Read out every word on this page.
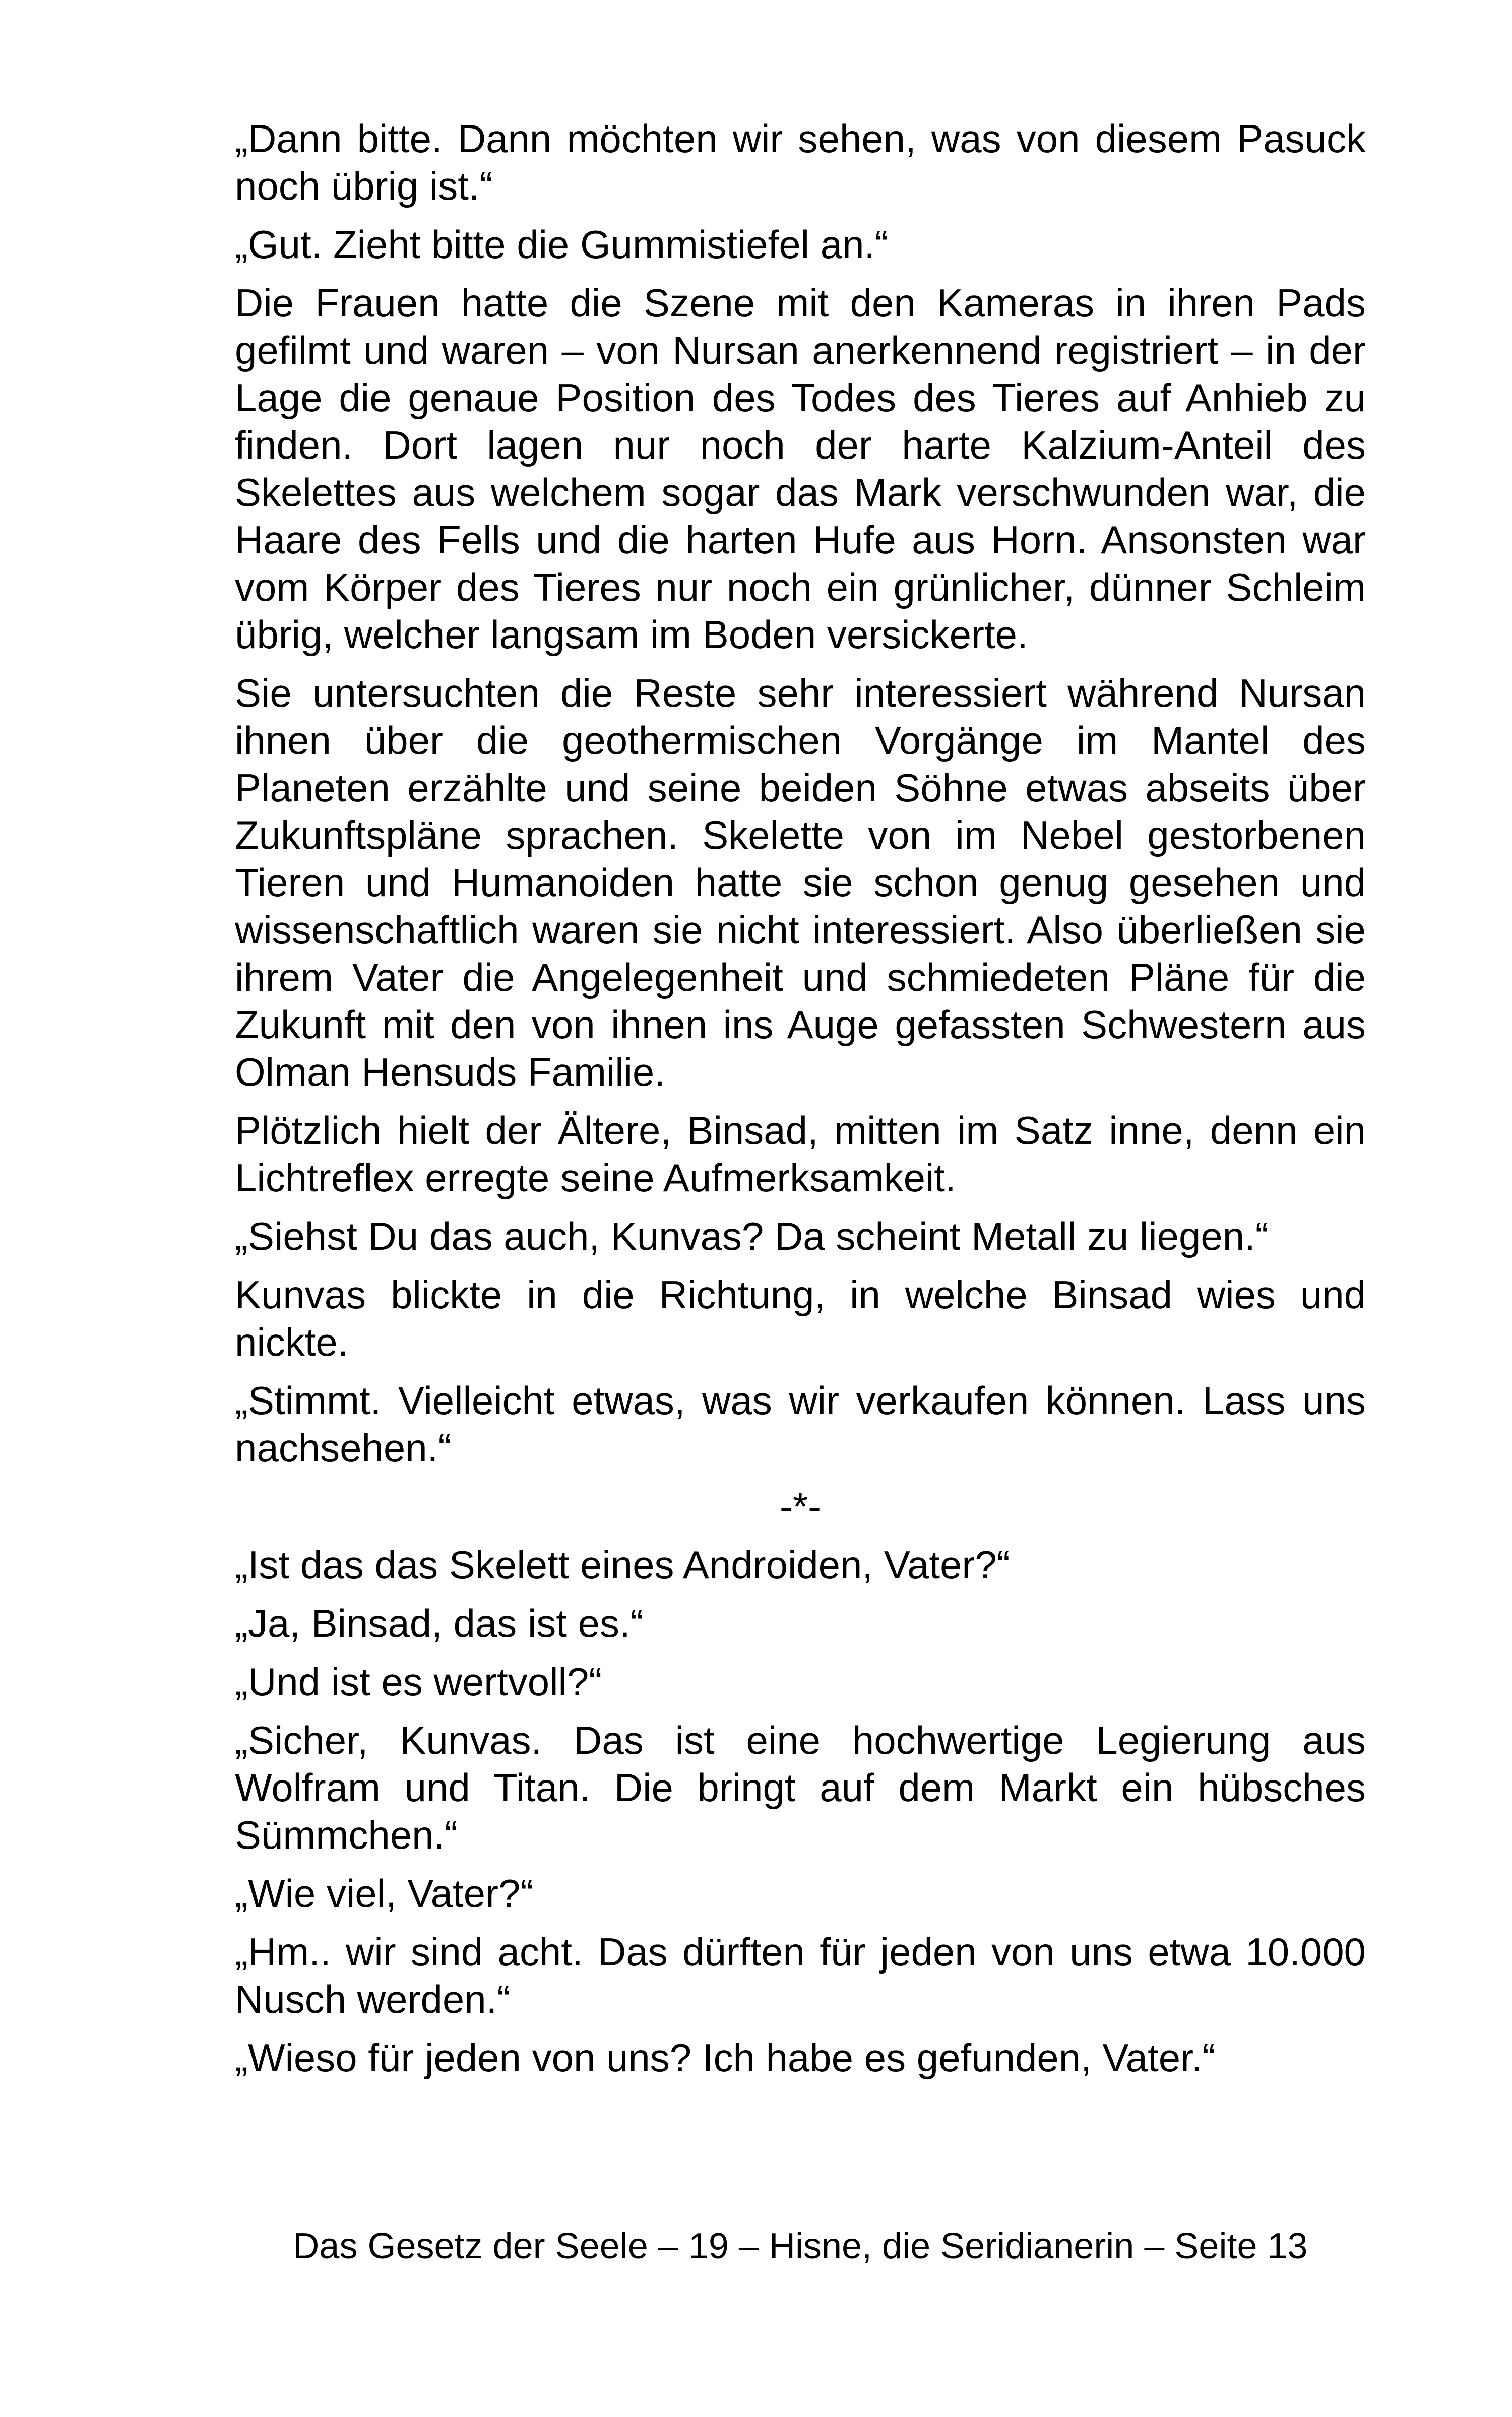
„Dann bitte. Dann möchten wir sehen, was von diesem Pasuck noch übrig ist.“

„Gut. Zieht bitte die Gummistiefel an.“

Die Frauen hatte die Szene mit den Kameras in ihren Pads gefilmt und waren – von Nursan anerkennend registriert – in der Lage die genaue Position des Todes des Tieres auf Anhieb zu finden. Dort lagen nur noch der harte Kalzium-Anteil des Skelettes aus welchem sogar das Mark verschwunden war, die Haare des Fells und die harten Hufe aus Horn. Ansonsten war vom Körper des Tieres nur noch ein grünlicher, dünner Schleim übrig, welcher langsam im Boden versickerte.

Sie untersuchten die Reste sehr interessiert während Nursan ihnen über die geothermischen Vorgänge im Mantel des Planeten erzählte und seine beiden Söhne etwas abseits über Zukunftspläne sprachen. Skelette von im Nebel gestorbenen Tieren und Humanoiden hatte sie schon genug gesehen und wissenschaftlich waren sie nicht interessiert. Also überließen sie ihrem Vater die Angelegenheit und schmiedeten Pläne für die Zukunft mit den von ihnen ins Auge gefassten Schwestern aus Olman Hensuds Familie.

Plötzlich hielt der Ältere, Binsad, mitten im Satz inne, denn ein Lichtreflex erregte seine Aufmerksamkeit.

„Siehst Du das auch, Kunvas? Da scheint Metall zu liegen.“

Kunvas blickte in die Richtung, in welche Binsad wies und nickte.

„Stimmt. Vielleicht etwas, was wir verkaufen können. Lass uns nachsehen.“

-*-

„Ist das das Skelett eines Androiden, Vater?“

„Ja, Binsad, das ist es.“

„Und ist es wertvoll?“

„Sicher, Kunvas. Das ist eine hochwertige Legierung aus Wolfram und Titan. Die bringt auf dem Markt ein hübsches Sümmchen.“

„Wie viel, Vater?“

„Hm.. wir sind acht. Das dürften für jeden von uns etwa 10.000 Nusch werden.“

„Wieso für jeden von uns? Ich habe es gefunden, Vater.“

Das Gesetz der Seele – 19 – Hisne, die Seridianerin – Seite 13
